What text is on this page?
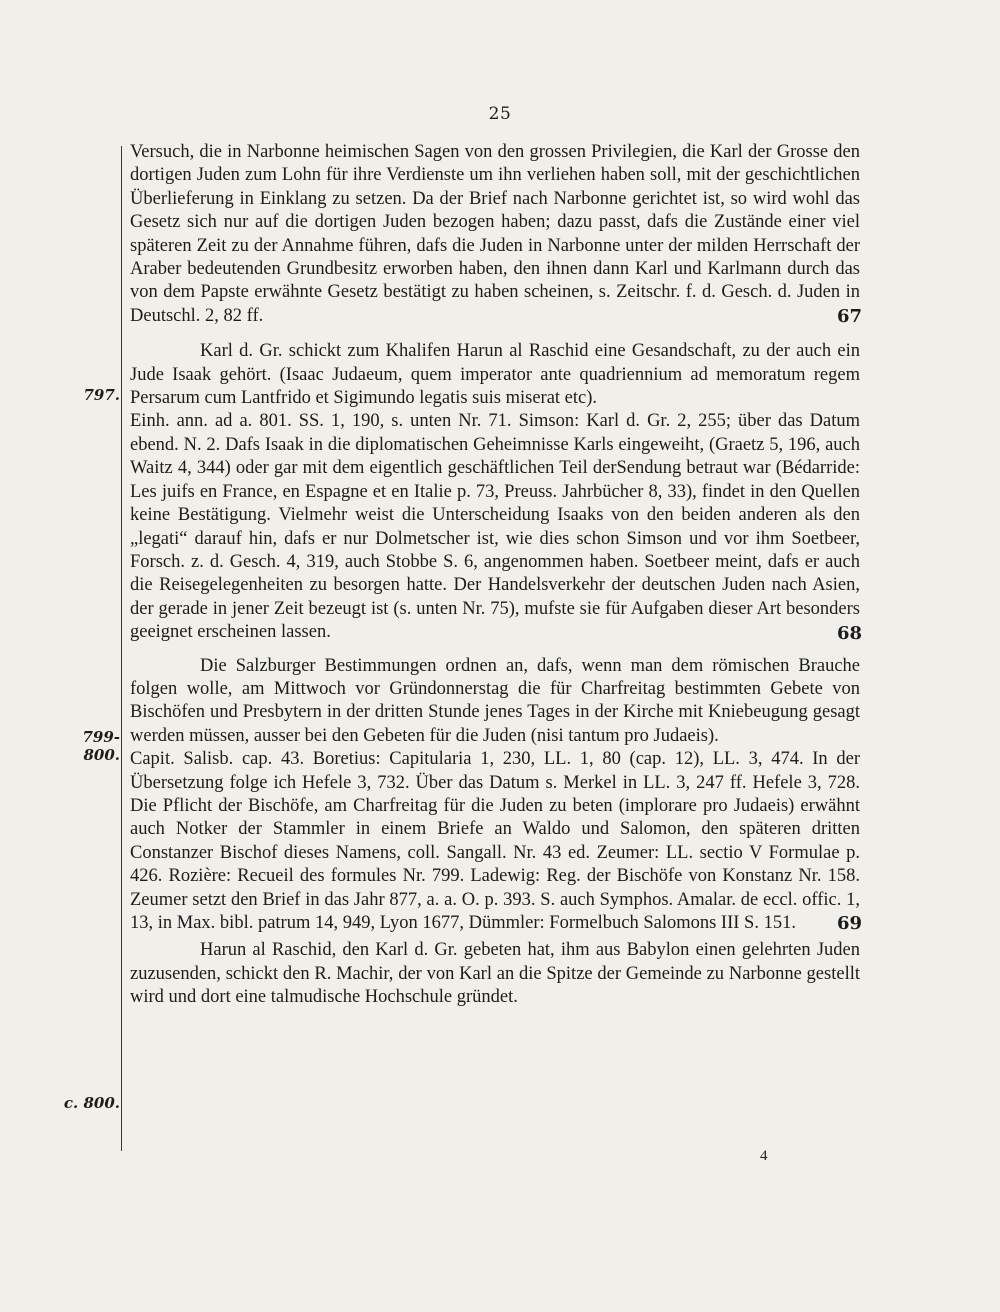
25
797.
799-
800.
c. 800.

Versuch, die in Narbonne heimischen Sagen von den grossen Privilegien, die Karl der Grosse den dortigen Juden zum Lohn für ihre Verdienste um ihn verliehen haben soll, mit der geschichtlichen Überlieferung in Einklang zu setzen. Da der Brief nach Narbonne gerichtet ist, so wird wohl das Gesetz sich nur auf die dortigen Juden bezogen haben; dazu passt, dafs die Zustände einer viel späteren Zeit zu der Annahme führen, dafs die Juden in Narbonne unter der milden Herrschaft der Araber bedeutenden Grundbesitz erworben haben, den ihnen dann Karl und Karlmann durch das von dem Papste erwähnte Gesetz bestätigt zu haben scheinen, s. Zeitschr. f. d. Gesch. d. Juden in Deutschl. 2, 82 ff.	67

Karl d. Gr. schickt zum Khalifen Harun al Raschid eine Gesandschaft, zu der auch ein Jude Isaak gehört. (Isaac Judaeum, quem imperator ante quadriennium ad memoratum regem Persarum cum Lantfrido et Sigimundo legatis suis miserat etc).

Einh. ann. ad a. 801. SS. 1, 190, s. unten Nr. 71. Simson: Karl d. Gr. 2, 255; über das Datum ebend. N. 2. Dafs Isaak in die diplomatischen Geheimnisse Karls eingeweiht, (Graetz 5, 196, auch Waitz 4, 344) oder gar mit dem eigentlich geschäftlichen Teil derSendung betraut war (Bédarride: Les juifs en France, en Espagne et en Italie p. 73, Preuss. Jahrbücher 8, 33), findet in den Quellen keine Bestätigung. Vielmehr weist die Unterscheidung Isaaks von den beiden anderen als den „legati“ darauf hin, dafs er nur Dolmetscher ist, wie dies schon Simson und vor ihm Soetbeer, Forsch. z. d. Gesch. 4, 319, auch Stobbe S. 6, angenommen haben. Soetbeer meint, dafs er auch die Reisegelegenheiten zu besorgen hatte. Der Handelsverkehr der deutschen Juden nach Asien, der gerade in jener Zeit bezeugt ist (s. unten Nr. 75), mufste sie für Aufgaben dieser Art besonders geeignet erscheinen lassen.	68

Die Salzburger Bestimmungen ordnen an, dafs, wenn man dem römischen Brauche folgen wolle, am Mittwoch vor Gründonnerstag die für Charfreitag bestimmten Gebete von Bischöfen und Presbytern in der dritten Stunde jenes Tages in der Kirche mit Kniebeugung gesagt werden müssen, ausser bei den Gebeten für die Juden (nisi tantum pro Judaeis).

Capit. Salisb. cap. 43. Boretius: Capitularia 1, 230, LL. 1, 80 (cap. 12), LL. 3, 474. In der Übersetzung folge ich Hefele 3, 732. Über das Datum s. Merkel in LL. 3, 247 ff. Hefele 3, 728. Die Pflicht der Bischöfe, am Charfreitag für die Juden zu beten (implorare pro Judaeis) erwähnt auch Notker der Stammler in einem Briefe an Waldo und Salomon, den späteren dritten Constanzer Bischof dieses Namens, coll. Sangall. Nr. 43 ed. Zeumer: LL. sectio V Formulae p. 426. Rozière: Recueil des formules Nr. 799. Ladewig: Reg. der Bischöfe von Konstanz Nr. 158. Zeumer setzt den Brief in das Jahr 877, a. a. O. p. 393. S. auch Symphos. Amalar. de eccl. offic. 1, 13, in Max. bibl. patrum 14, 949, Lyon 1677, Dümmler: Formelbuch Salomons III S. 151.	69

Harun al Raschid, den Karl d. Gr. gebeten hat, ihm aus Babylon einen gelehrten Juden zuzusenden, schickt den R. Machir, der von Karl an die Spitze der Gemeinde zu Narbonne gestellt wird und dort eine talmudische Hochschule gründet.

4
